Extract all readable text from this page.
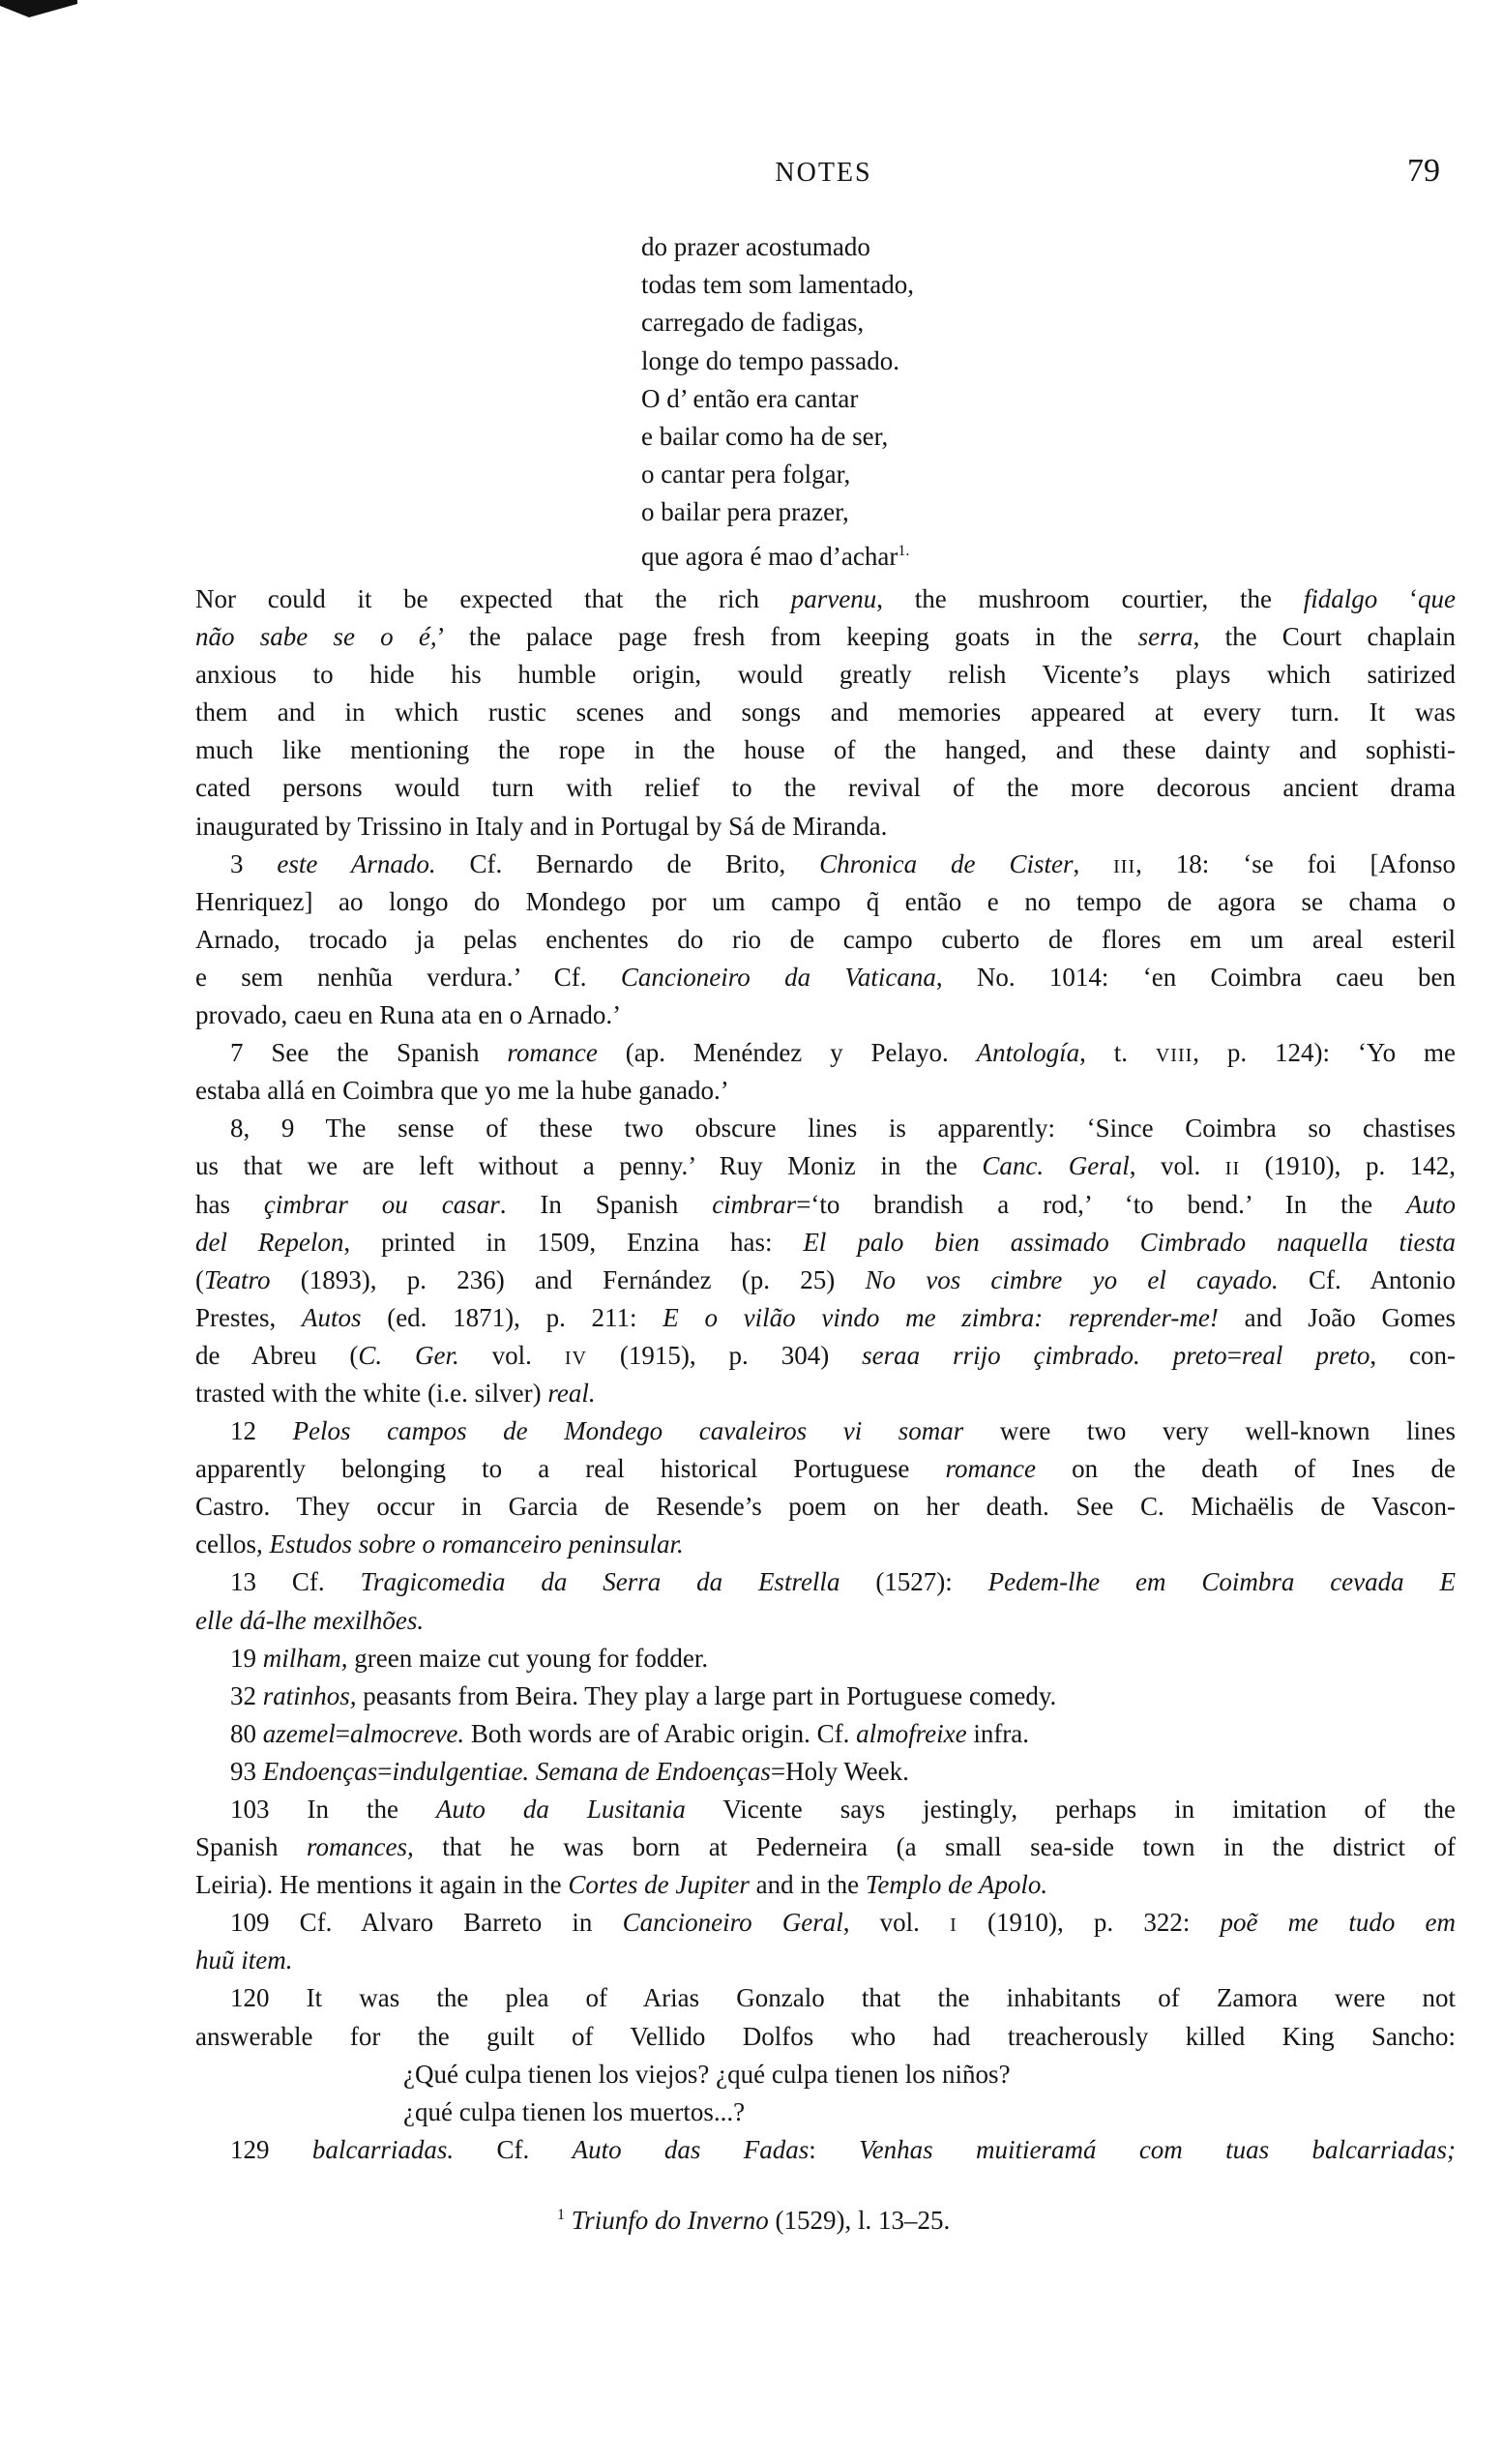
NOTES	79
do prazer acostumado
todas tem som lamentado,
carregado de fadigas,
longe do tempo passado.
O d’ então era cantar
e bailar como ha de ser,
o cantar pera folgar,
o bailar pera prazer,
que agora é mao d’achar$^{1.}$
Nor could it be expected that the rich parvenu, the mushroom courtier, the fidalgo ‘que
não sabe se o é,’ the palace page fresh from keeping goats in the serra, the Court chaplain
anxious to hide his humble origin, would greatly relish Vicente’s plays which satirized
them and in which rustic scenes and songs and memories appeared at every turn. It was
much like mentioning the rope in the house of the hanged, and these dainty and sophisti-
cated persons would turn with relief to the revival of the more decorous ancient drama
inaugurated by Trissino in Italy and in Portugal by Sá de Miranda.
3 este Arnado. Cf. Bernardo de Brito, Chronica de Cister, III, 18: ‘se foi [Afonso
Henriquez] ao longo do Mondego por um campo q̃ então e no tempo de agora se chama o
Arnado, trocado ja pelas enchentes do rio de campo cuberto de flores em um areal esteril
e sem nenhũa verdura.’ Cf. Cancioneiro da Vaticana, No. 1014: ‘en Coimbra caeu ben
provado, caeu en Runa ata en o Arnado.’
7 See the Spanish romance (ap. Menéndez y Pelayo. Antología, t. VIII, p. 124): ‘Yo me
estaba allá en Coimbra que yo me la hube ganado.’
8, 9 The sense of these two obscure lines is apparently: ‘Since Coimbra so chastises
us that we are left without a penny.’ Ruy Moniz in the Canc. Geral, vol. II (1910), p. 142,
has çimbrar ou casar. In Spanish cimbrar=‘to brandish a rod,’ ‘to bend.’ In the Auto
del Repelon, printed in 1509, Enzina has: El palo bien assimado Cimbrado naquella tiesta
(Teatro (1893), p. 236) and Fernández (p. 25) No vos cimbre yo el cayado. Cf. Antonio
Prestes, Autos (ed. 1871), p. 211: E o vilão vindo me zimbra: reprender-me! and João Gomes
de Abreu (C. Ger. vol. IV (1915), p. 304) seraa rrijo çimbrado. preto=real preto, con-
trasted with the white (i.e. silver) real.
12 Pelos campos de Mondego cavaleiros vi somar were two very well-known lines
apparently belonging to a real historical Portuguese romance on the death of Ines de
Castro. They occur in Garcia de Resende’s poem on her death. See C. Michaëlis de Vascon-
cellos, Estudos sobre o romanceiro peninsular.
13 Cf. Tragicomedia da Serra da Estrella (1527): Pedem-lhe em Coimbra cevada E
elle dá-lhe mexilhões.
19 milham, green maize cut young for fodder.
32 ratinhos, peasants from Beira. They play a large part in Portuguese comedy.
80 azemel=almocreve. Both words are of Arabic origin. Cf. almofreixe infra.
93 Endoenças=indulgentiae. Semana de Endoenças=Holy Week.
103 In the Auto da Lusitania Vicente says jestingly, perhaps in imitation of the
Spanish romances, that he was born at Pederneira (a small sea-side town in the district of
Leiria). He mentions it again in the Cortes de Jupiter and in the Templo de Apolo.
109 Cf. Alvaro Barreto in Cancioneiro Geral, vol. I (1910), p. 322: poẽ me tudo em
huũ item.
120 It was the plea of Arias Gonzalo that the inhabitants of Zamora were not
answerable for the guilt of Vellido Dolfos who had treacherously killed King Sancho:
¿Qué culpa tienen los viejos? ¿qué culpa tienen los niños?
¿qué culpa tienen los muertos...?
129 balcarriadas. Cf. Auto das Fadas: Venhas muitieramá com tuas balcarriadas;
$^1$ Triunfo do Inverno (1529), l. 13–25.
